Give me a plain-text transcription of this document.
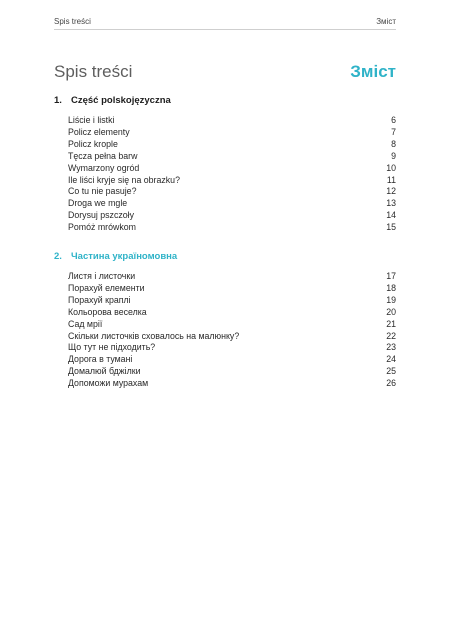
Spis treści	Зміст
Spis treści	Зміст
1. Część polskojęzyczna
Liście i listki	6
Policz elementy	7
Policz krople	8
Tęcza pełna barw	9
Wymarzony ogród	10
Ile liści kryje się na obrazku?	11
Co tu nie pasuje?	12
Droga we mgle	13
Dorysuj pszczoły	14
Pomóż mrówkom	15
2. Частина україномовна
Листя і листочки	17
Порахуй елементи	18
Порахуй краплі	19
Кольорова веселка	20
Сад мрії	21
Скільки листочків сховалось на малюнку?	22
Що тут не підходить?	23
Дорога в тумані	24
Домалюй бджілки	25
Допоможи мурахам	26
